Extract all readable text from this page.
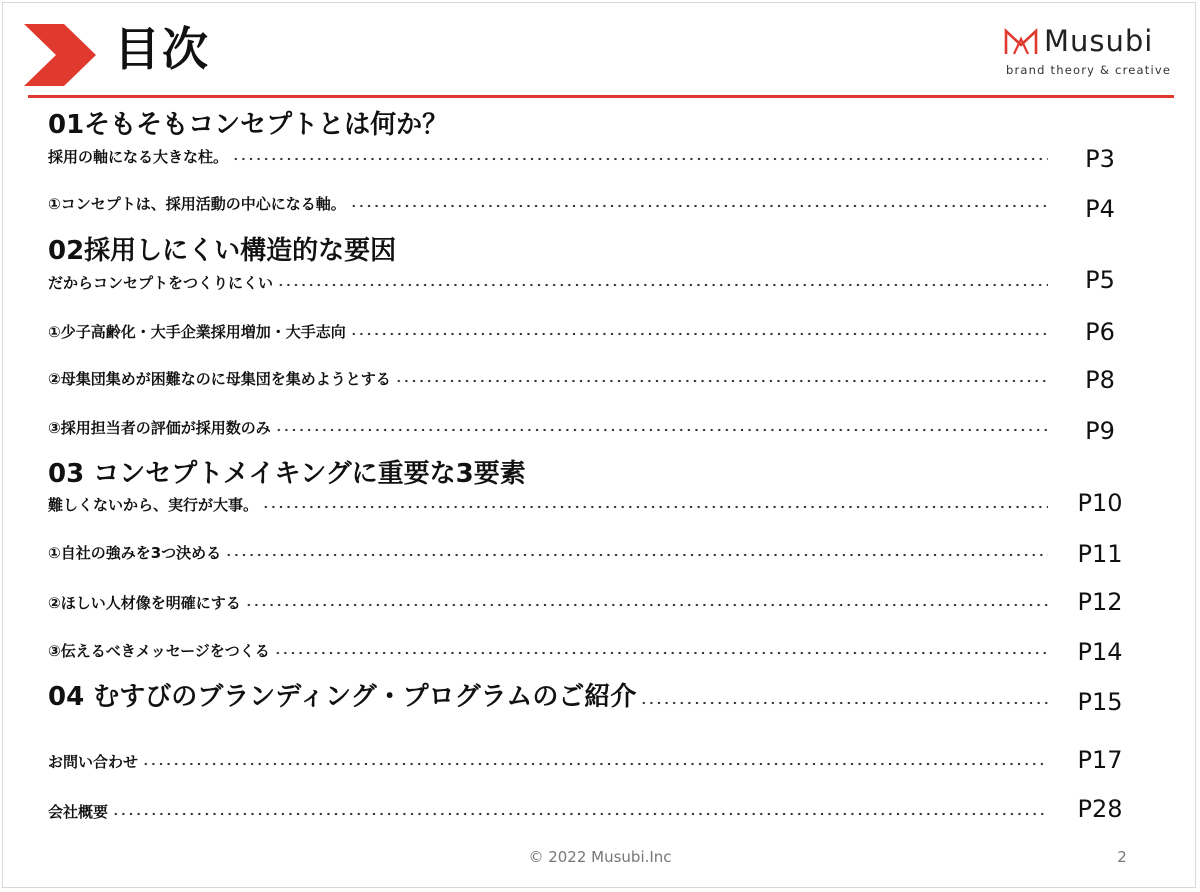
目次	Musubi
brand theory & creative
01そもそもコンセプトとは何か？
採用の軸になる大きな柱。	P3
①コンセプトは、採用活動の中心になる軸。	P4
02採用しにくい構造的な要因
だからコンセプトをつくりにくい	P5
①少子高齢化・大手企業採用増加・大手志向	P6
②母集団集めが困難なのに母集団を集めようとする	P8
③採用担当者の評価が採用数のみ	P9
03 コンセプトメイキングに重要な3要素
難しくないから、実行が大事。	P10
①自社の強みを3つ決める	P11
②ほしい人材像を明確にする	P12
③伝えるべきメッセージをつくる	P14
04 むすびのブランディング・プログラムのご紹介	P15
お問い合わせ	P17
会社概要	P28
© 2022 Musubi.Inc	2
